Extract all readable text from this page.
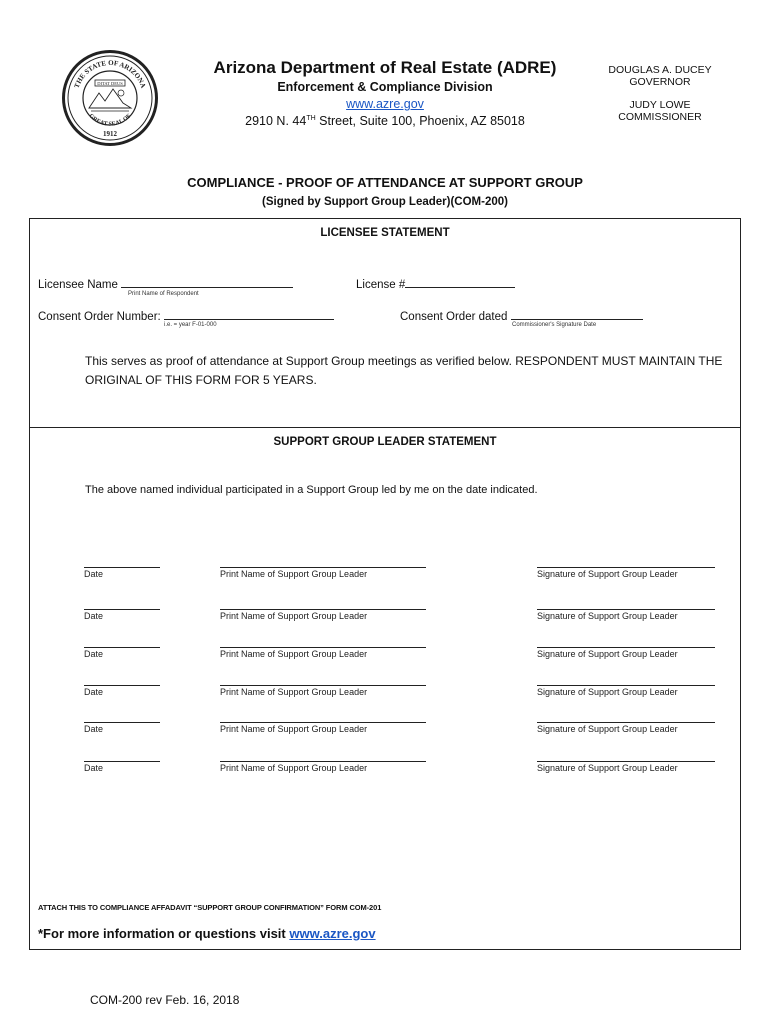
THE STATE OF ARIZONA
GREAT SEAL OF
1912
DITAT DEUS
Arizona Department of Real Estate (ADRE)
Enforcement & Compliance Division
www.azre.gov
2910 N. 44TH Street, Suite 100, Phoenix, AZ 85018
DOUGLAS A. DUCEY
GOVERNOR
JUDY LOWE
COMMISSIONER
COMPLIANCE - PROOF OF ATTENDANCE AT SUPPORT GROUP
(Signed by Support Group Leader)(COM-200)
LICENSEE STATEMENT
Licensee Name
Print Name of Respondent
License #
Consent Order Number:
i.e. = year F-01-000
Consent Order dated
Commissioner's Signature Date
This serves as proof of attendance at Support Group meetings as verified below. RESPONDENT MUST MAINTAIN THE ORIGINAL OF THIS FORM FOR 5 YEARS.
SUPPORT GROUP LEADER STATEMENT
The above named individual participated in a Support Group led by me on the date indicated.
Date	Print Name of Support Group Leader	Signature of Support Group Leader
Date	Print Name of Support Group Leader	Signature of Support Group Leader
Date	Print Name of Support Group Leader	Signature of Support Group Leader
Date	Print Name of Support Group Leader	Signature of Support Group Leader
Date	Print Name of Support Group Leader	Signature of Support Group Leader
Date	Print Name of Support Group Leader	Signature of Support Group Leader
ATTACH THIS TO COMPLIANCE AFFADAVIT “SUPPORT GROUP CONFIRMATION” FORM COM-201
*For more information or questions visit www.azre.gov
COM-200 rev Feb. 16, 2018
